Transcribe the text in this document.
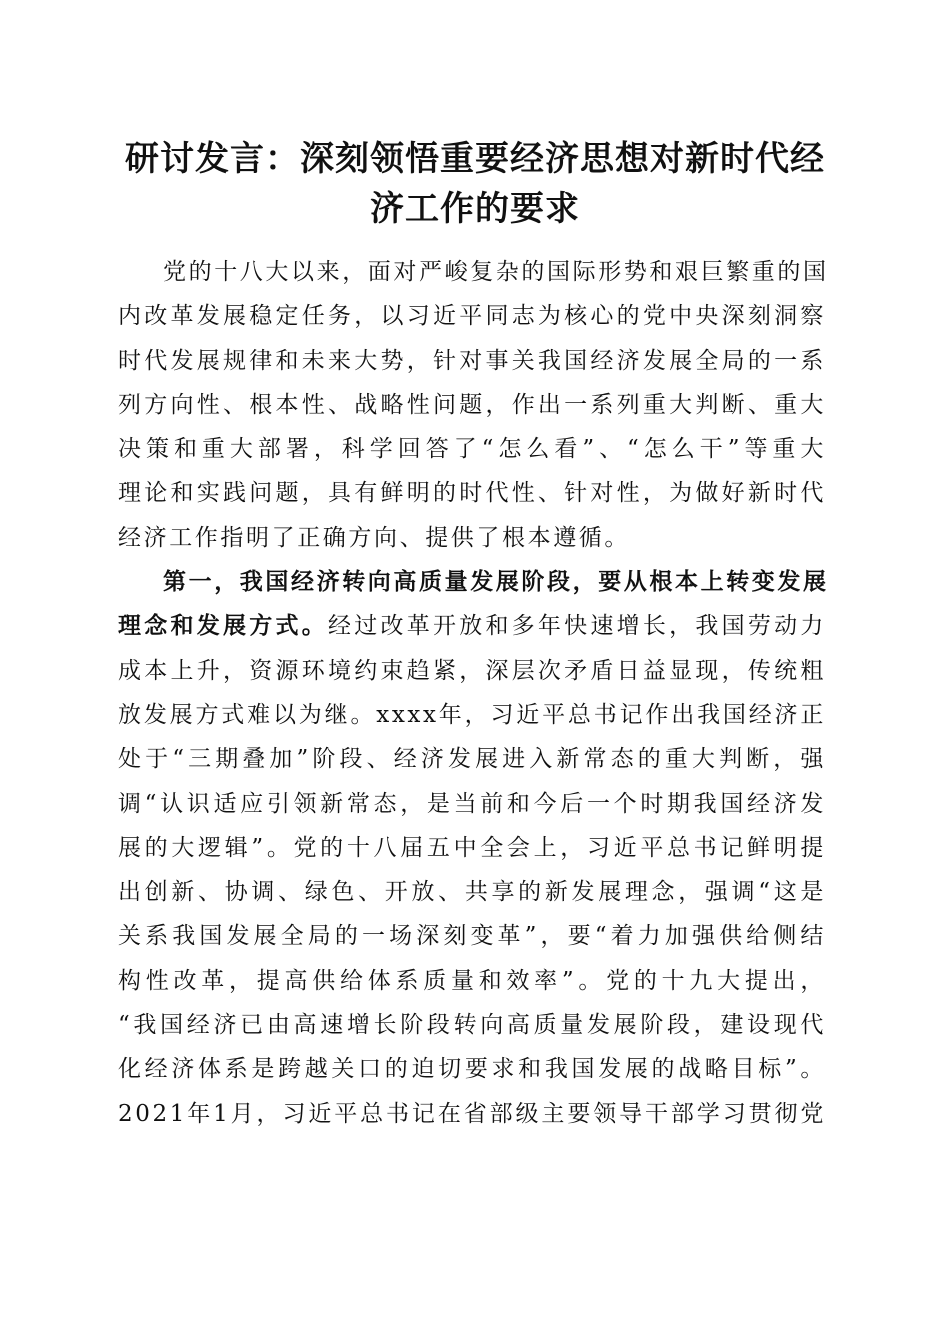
研讨发言：深刻领悟重要经济思想对新时代经
济工作的要求
党的十八大以来，面对严峻复杂的国际形势和艰巨繁重的国
内改革发展稳定任务，以习近平同志为核心的党中央深刻洞察
时代发展规律和未来大势，针对事关我国经济发展全局的一系
列方向性、根本性、战略性问题，作出一系列重大判断、重大
决策和重大部署，科学回答了“怎么看”、“怎么干”等重大
理论和实践问题，具有鲜明的时代性、针对性，为做好新时代
经济工作指明了正确方向、提供了根本遵循。
第一，我国经济转向高质量发展阶段，要从根本上转变发展
理念和发展方式。经过改革开放和多年快速增长，我国劳动力
成本上升，资源环境约束趋紧，深层次矛盾日益显现，传统粗
放发展方式难以为继。xxxx年，习近平总书记作出我国经济正
处于“三期叠加”阶段、经济发展进入新常态的重大判断，强
调“认识适应引领新常态，是当前和今后一个时期我国经济发
展的大逻辑”。党的十八届五中全会上，习近平总书记鲜明提
出创新、协调、绿色、开放、共享的新发展理念，强调“这是
关系我国发展全局的一场深刻变革”，要“着力加强供给侧结
构性改革，提高供给体系质量和效率”。党的十九大提出，
“我国经济已由高速增长阶段转向高质量发展阶段，建设现代
化经济体系是跨越关口的迫切要求和我国发展的战略目标”。
2021年1月，习近平总书记在省部级主要领导干部学习贯彻党
